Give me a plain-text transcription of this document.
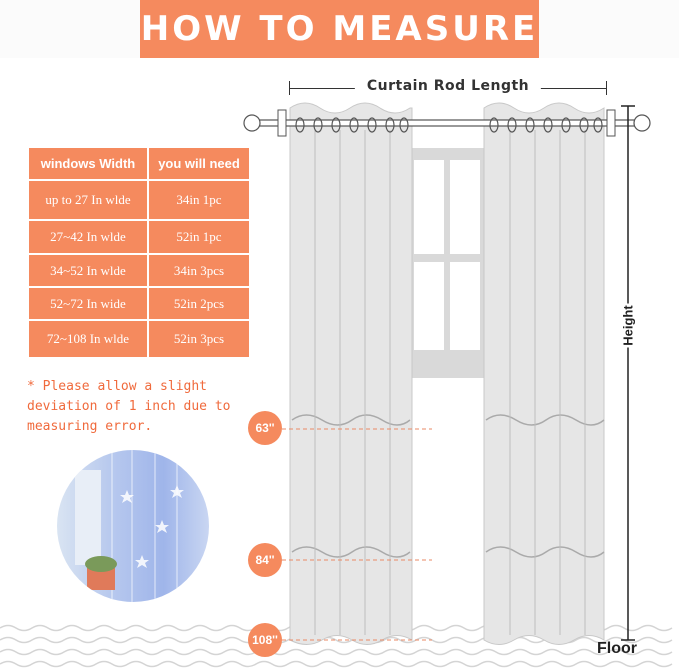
HOW TO MEASURE
Curtain Rod Length
windows Width	you will need
up to 27 In wlde	34in 1pc
27~42 In wlde	52in 1pc
34~52 In wlde	34in 3pcs
52~72 In wide	52in 2pcs
72~108 In wlde	52in 3pcs
* Please allow a slight
deviation of 1 inch due to
measuring error.	63''
84''
108''
Height
Floor
